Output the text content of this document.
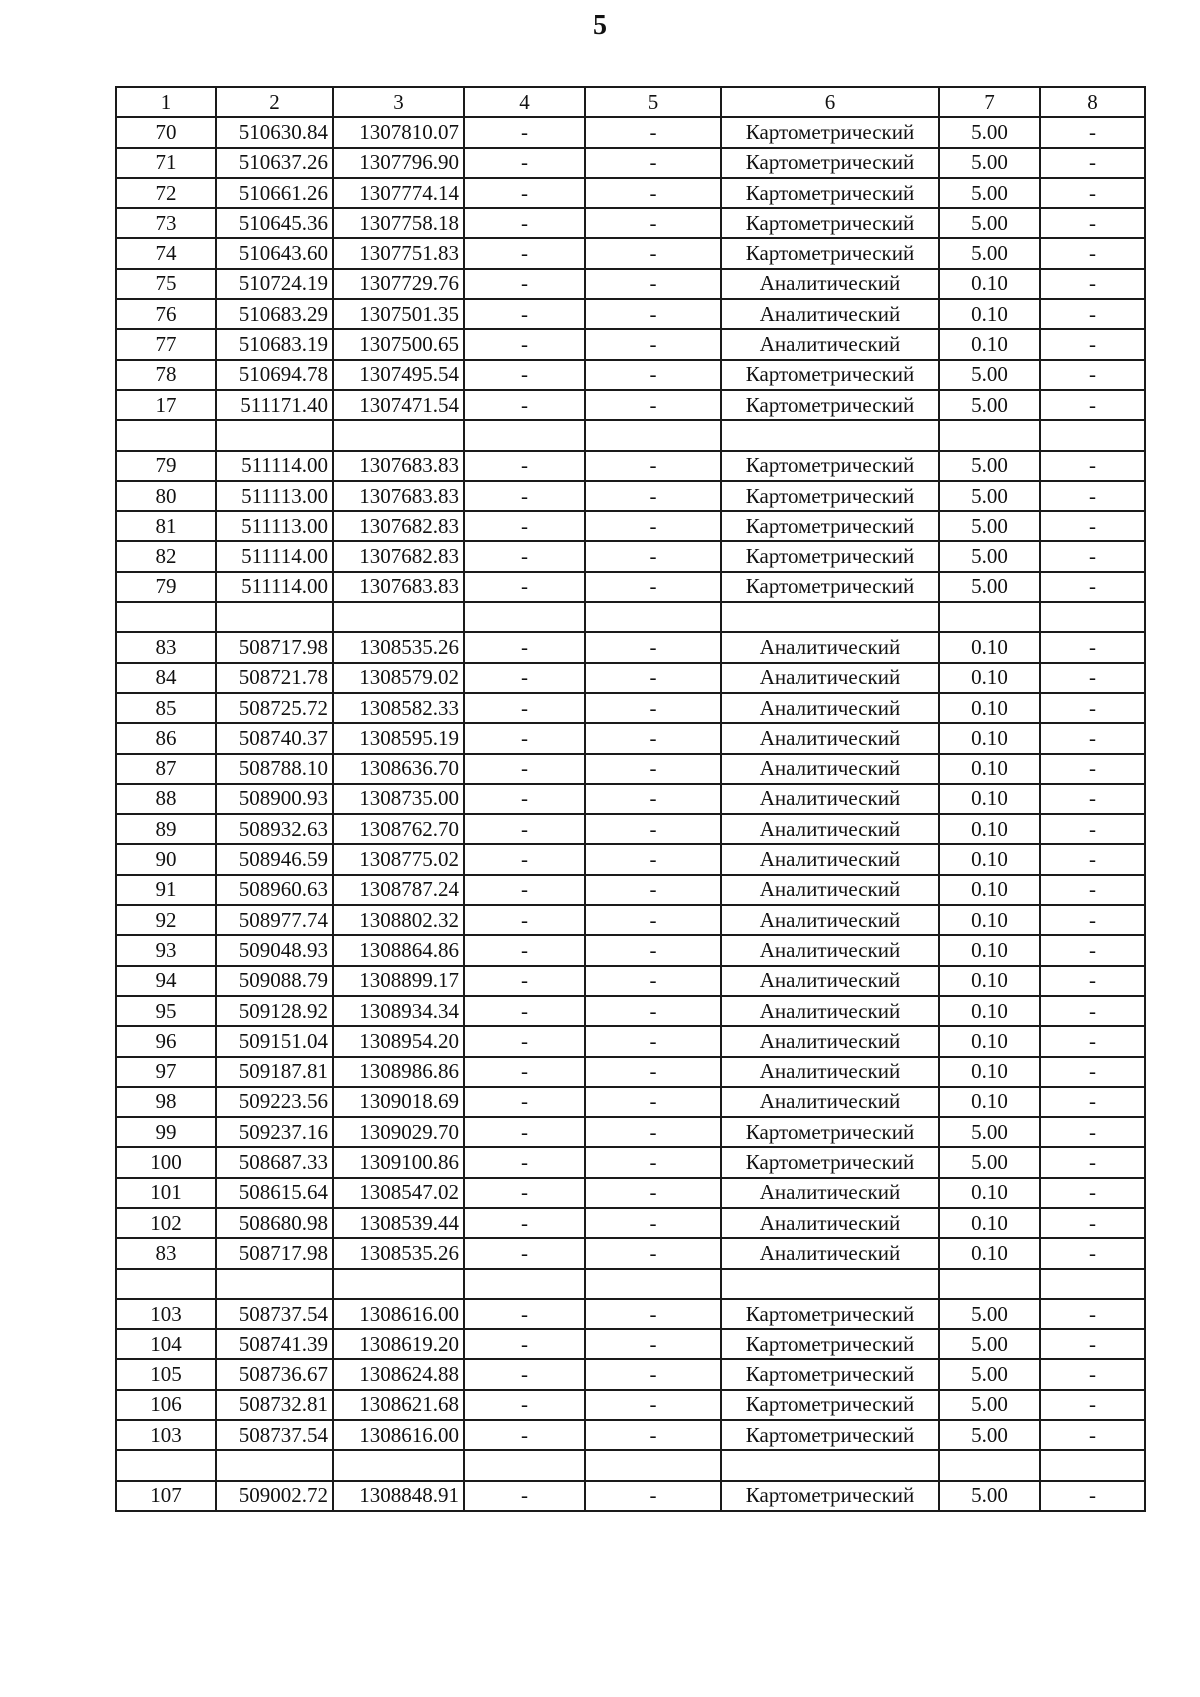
5
1	2	3	4	5	6	7	8
70	510630.84	1307810.07	-	-	Картометрический	5.00	-
71	510637.26	1307796.90	-	-	Картометрический	5.00	-
72	510661.26	1307774.14	-	-	Картометрический	5.00	-
73	510645.36	1307758.18	-	-	Картометрический	5.00	-
74	510643.60	1307751.83	-	-	Картометрический	5.00	-
75	510724.19	1307729.76	-	-	Аналитический	0.10	-
76	510683.29	1307501.35	-	-	Аналитический	0.10	-
77	510683.19	1307500.65	-	-	Аналитический	0.10	-
78	510694.78	1307495.54	-	-	Картометрический	5.00	-
17	511171.40	1307471.54	-	-	Картометрический	5.00	-

79	511114.00	1307683.83	-	-	Картометрический	5.00	-
80	511113.00	1307683.83	-	-	Картометрический	5.00	-
81	511113.00	1307682.83	-	-	Картометрический	5.00	-
82	511114.00	1307682.83	-	-	Картометрический	5.00	-
79	511114.00	1307683.83	-	-	Картометрический	5.00	-

83	508717.98	1308535.26	-	-	Аналитический	0.10	-
84	508721.78	1308579.02	-	-	Аналитический	0.10	-
85	508725.72	1308582.33	-	-	Аналитический	0.10	-
86	508740.37	1308595.19	-	-	Аналитический	0.10	-
87	508788.10	1308636.70	-	-	Аналитический	0.10	-
88	508900.93	1308735.00	-	-	Аналитический	0.10	-
89	508932.63	1308762.70	-	-	Аналитический	0.10	-
90	508946.59	1308775.02	-	-	Аналитический	0.10	-
91	508960.63	1308787.24	-	-	Аналитический	0.10	-
92	508977.74	1308802.32	-	-	Аналитический	0.10	-
93	509048.93	1308864.86	-	-	Аналитический	0.10	-
94	509088.79	1308899.17	-	-	Аналитический	0.10	-
95	509128.92	1308934.34	-	-	Аналитический	0.10	-
96	509151.04	1308954.20	-	-	Аналитический	0.10	-
97	509187.81	1308986.86	-	-	Аналитический	0.10	-
98	509223.56	1309018.69	-	-	Аналитический	0.10	-
99	509237.16	1309029.70	-	-	Картометрический	5.00	-
100	508687.33	1309100.86	-	-	Картометрический	5.00	-
101	508615.64	1308547.02	-	-	Аналитический	0.10	-
102	508680.98	1308539.44	-	-	Аналитический	0.10	-
83	508717.98	1308535.26	-	-	Аналитический	0.10	-

103	508737.54	1308616.00	-	-	Картометрический	5.00	-
104	508741.39	1308619.20	-	-	Картометрический	5.00	-
105	508736.67	1308624.88	-	-	Картометрический	5.00	-
106	508732.81	1308621.68	-	-	Картометрический	5.00	-
103	508737.54	1308616.00	-	-	Картометрический	5.00	-

107	509002.72	1308848.91	-	-	Картометрический	5.00	-
